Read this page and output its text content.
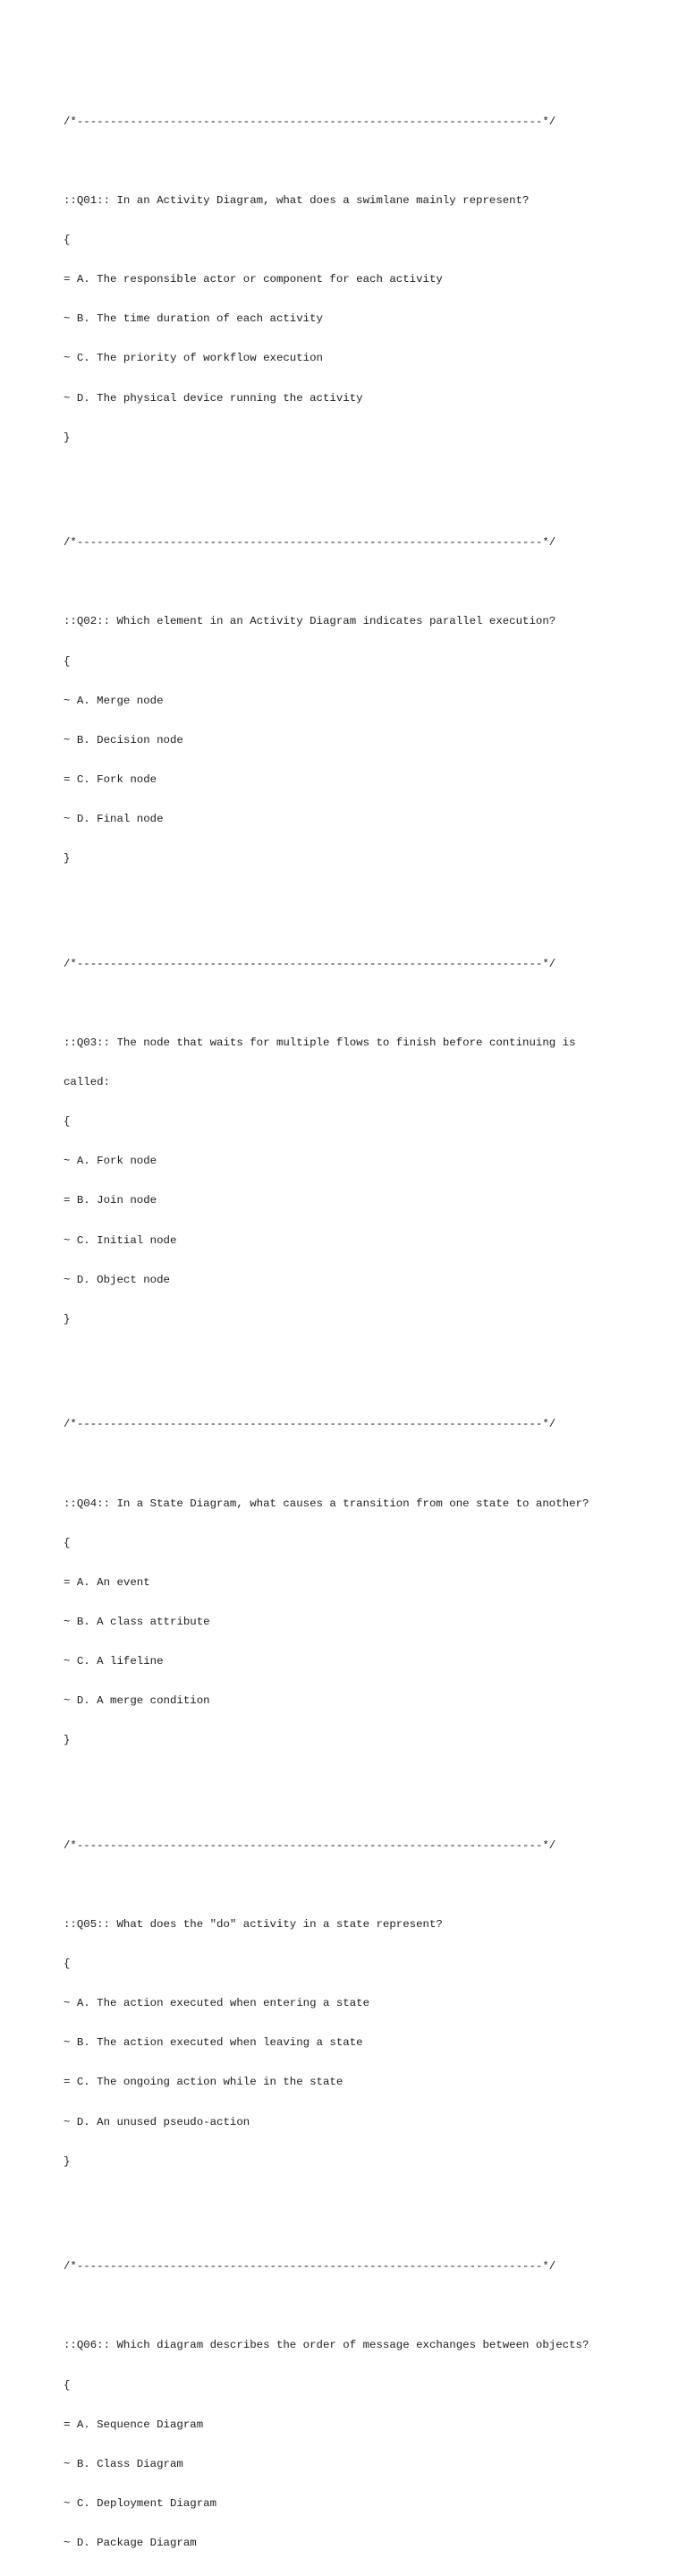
/*----------------------------------------------------------------------*/

::Q01:: In an Activity Diagram, what does a swimlane mainly represent?

{

= A. The responsible actor or component for each activity

~ B. The time duration of each activity

~ C. The priority of workflow execution

~ D. The physical device running the activity

}

/*----------------------------------------------------------------------*/

::Q02:: Which element in an Activity Diagram indicates parallel execution?

{

~ A. Merge node

~ B. Decision node

= C. Fork node

~ D. Final node

}

/*----------------------------------------------------------------------*/

::Q03:: The node that waits for multiple flows to finish before continuing is

called:

{

~ A. Fork node

= B. Join node

~ C. Initial node

~ D. Object node

}

/*----------------------------------------------------------------------*/

::Q04:: In a State Diagram, what causes a transition from one state to another?

{

= A. An event

~ B. A class attribute

~ C. A lifeline

~ D. A merge condition

}

/*----------------------------------------------------------------------*/

::Q05:: What does the "do" activity in a state represent?

{

~ A. The action executed when entering a state

~ B. The action executed when leaving a state

= C. The ongoing action while in the state

~ D. An unused pseudo-action

}

/*----------------------------------------------------------------------*/

::Q06:: Which diagram describes the order of message exchanges between objects?

{

= A. Sequence Diagram

~ B. Class Diagram

~ C. Deployment Diagram

~ D. Package Diagram
